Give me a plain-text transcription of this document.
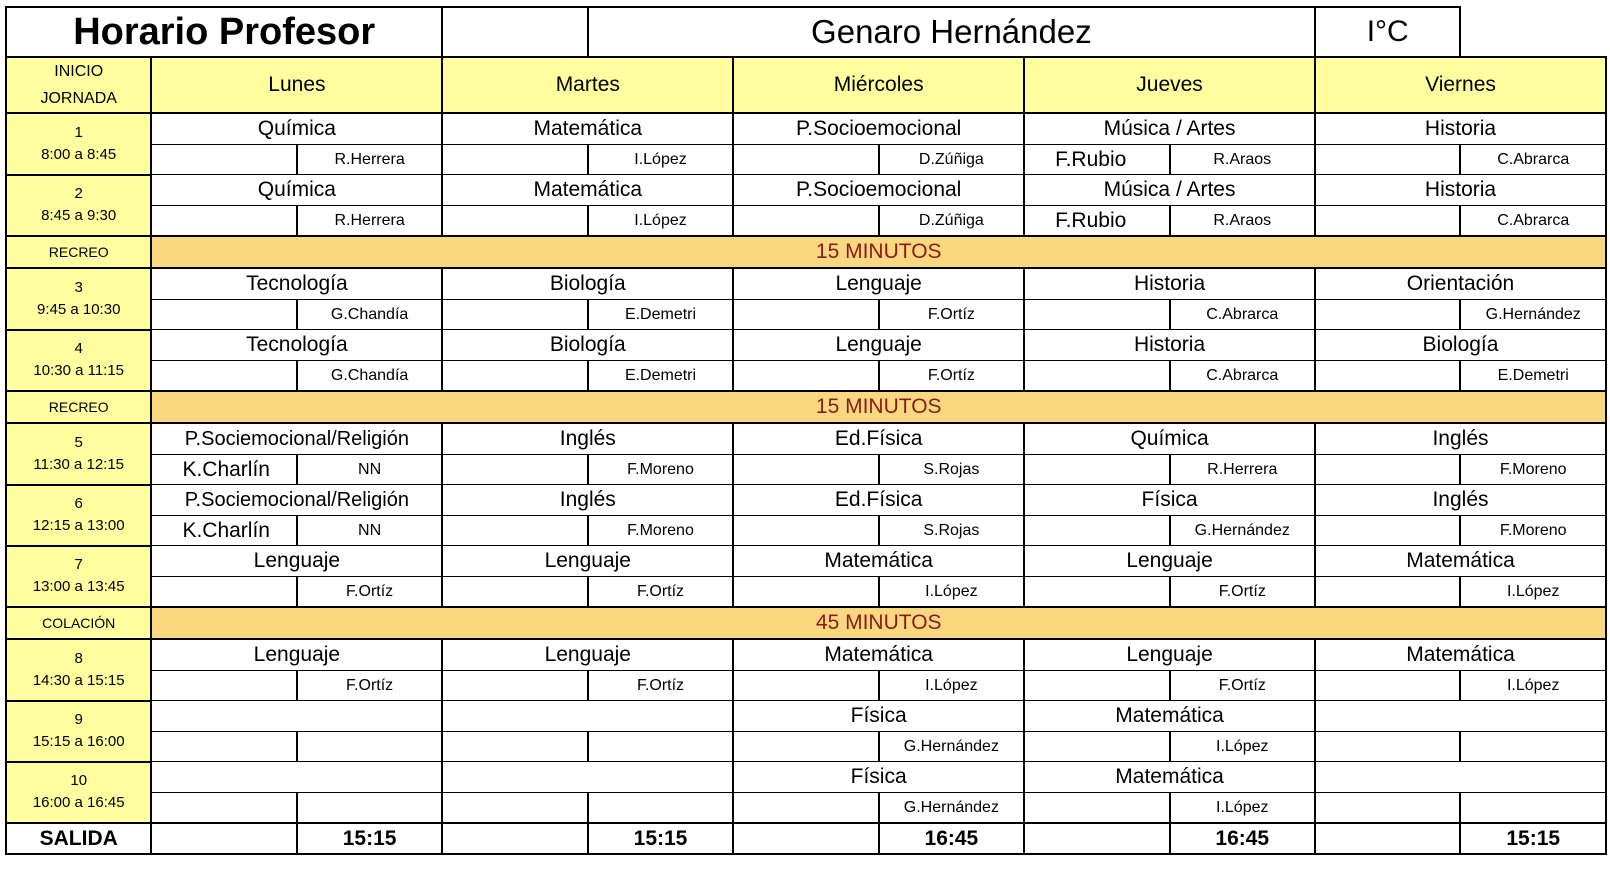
Horario Profesor				Genaro Hernández					I°C	

INICIO
JORNADA	Lunes		Martes		Miércoles		Jueves		Viernes	

1
8:00 a 8:45	Química		Matemática		P.Socioemocional		Música / Artes		Historia	
		R.Herrera		I.López		D.Zúñiga	F.Rubio	R.Araos		C.Abrarca

2
8:45 a 9:30	Química		Matemática		P.Socioemocional		Música / Artes		Historia	
		R.Herrera		I.López		D.Zúñiga	F.Rubio	R.Araos		C.Abrarca
RECREO	15 MINUTOS									

3
9:45 a 10:30	Tecnología		Biología		Lenguaje		Historia		Orientación	
		G.Chandía		E.Demetri		F.Ortíz		C.Abrarca		G.Hernández

4
10:30 a 11:15	Tecnología		Biología		Lenguaje		Historia		Biología	
		G.Chandía		E.Demetri		F.Ortíz		C.Abrarca		E.Demetri
RECREO	15 MINUTOS									

5
11:30 a 12:15	P.Sociemocional/Religión		Inglés		Ed.Física		Química		Inglés	
	K.Charlín	NN		F.Moreno		S.Rojas		R.Herrera		F.Moreno

6
12:15 a 13:00	P.Sociemocional/Religión		Inglés		Ed.Física		Física		Inglés	
	K.Charlín	NN		F.Moreno		S.Rojas		G.Hernández		F.Moreno

7
13:00 a 13:45	Lenguaje		Lenguaje		Matemática		Lenguaje		Matemática	
		F.Ortíz		F.Ortíz		I.López		F.Ortíz		I.López
COLACIÓN	45 MINUTOS									

8
14:30 a 15:15	Lenguaje		Lenguaje		Matemática		Lenguaje		Matemática	
		F.Ortíz		F.Ortíz		I.López		F.Ortíz		I.López

9
15:15 a 16:00					Física		Matemática			
						G.Hernández		I.López		

10
16:00 a 16:45					Física		Matemática			
						G.Hernández		I.López		
SALIDA		15:15		15:15		16:45		16:45		15:15
